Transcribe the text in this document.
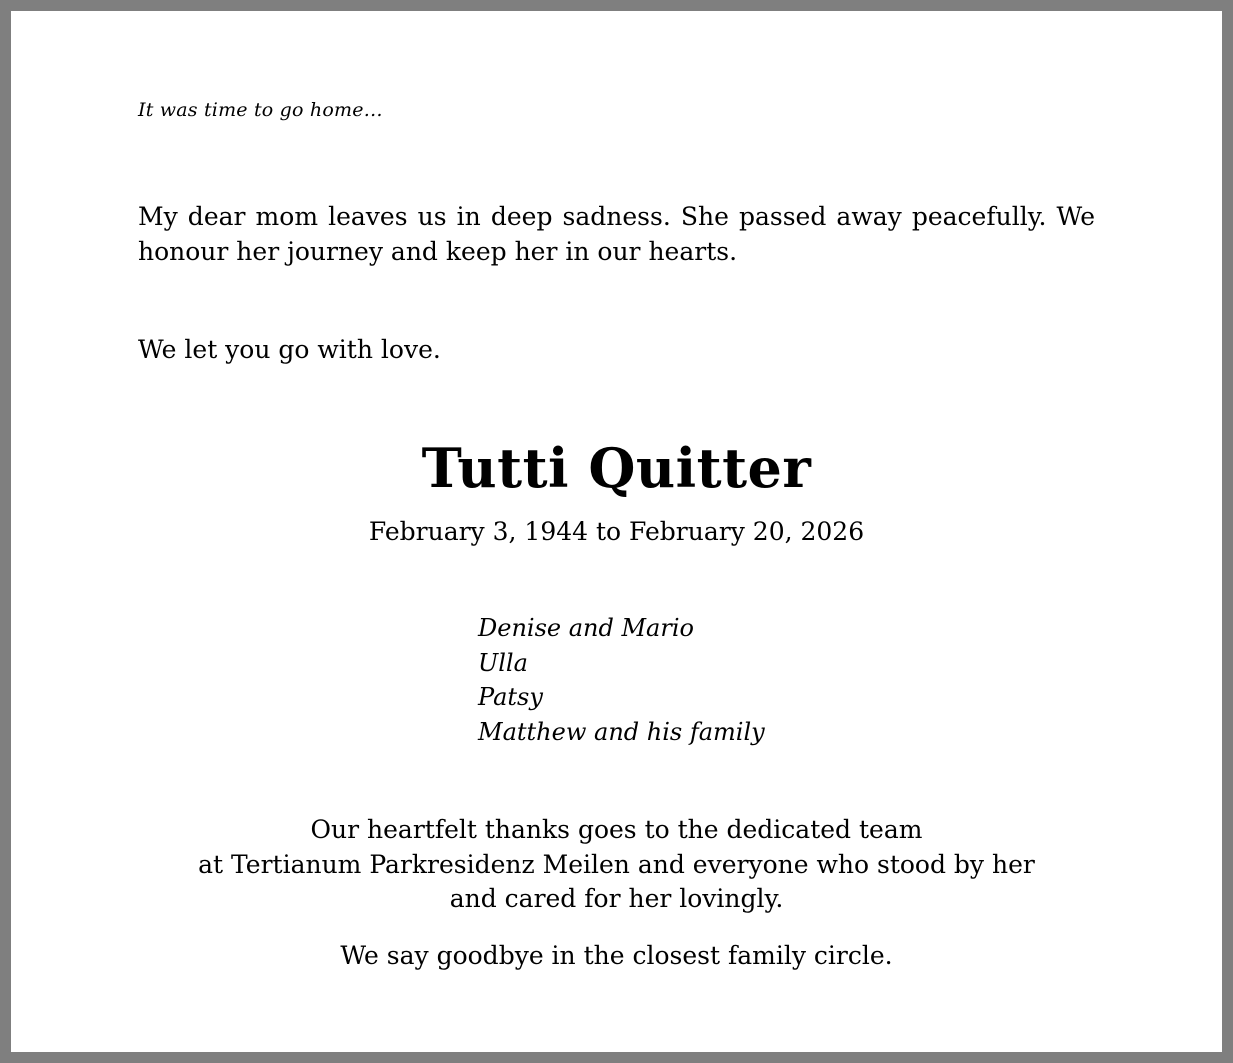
It was time to go home…
My dear mom leaves us in deep sadness. She passed away peacefully. We honour her journey and keep her in our hearts.
We let you go with love.
Tutti Quitter
February 3, 1944 to February 20, 2026
Denise and Mario
Ulla
Patsy
Matthew and his family
Our heartfelt thanks goes to the dedicated team
at Tertianum Parkresidenz Meilen and everyone who stood by her
and cared for her lovingly.
We say goodbye in the closest family circle.
